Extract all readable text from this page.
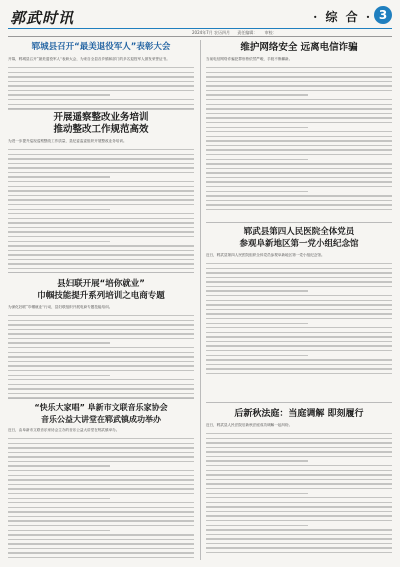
郭武时讯	· 综 合 · 3
2024年7月 农历四月 责任编辑： 审校：
郓城县召开“最美退役军人”表彰大会
开幕，郓城县召开“最美退役军人”表彰大会，为来自全县各乡镇和部门的多名退役军人颁发荣誉证书。
开展遥察整改业务培训
推动整改工作规范高效
为进一步提升巡视巡察整改工作质量，县纪委监委组织开展整改业务培训。
县妇联开展“培你就业”
巾帼技能提升系列培训之电商专题
为深化妇联“巾帼就业”行动，县妇联组织开展电商专题技能培训。
“快乐大家唱” 阜新市文联音乐家协会
音乐公益大讲堂在郓武镇成功举办
近日，由阜新市文联音乐家协会主办的音乐公益大讲堂在郓武镇举办。
维护网络安全 远离电信诈骗
当前电信网络诈骗犯罪形势依然严峻，手段不断翻新。
郓武县第四人民医院全体党员
参观阜新地区第一党小组纪念馆
近日，郓武县第四人民医院组织全体党员参观阜新地区第一党小组纪念馆。
后新秋法庭：当庭调解 即刻履行
近日，郓武县人民法院后新秋法庭成功调解一起纠纷。
